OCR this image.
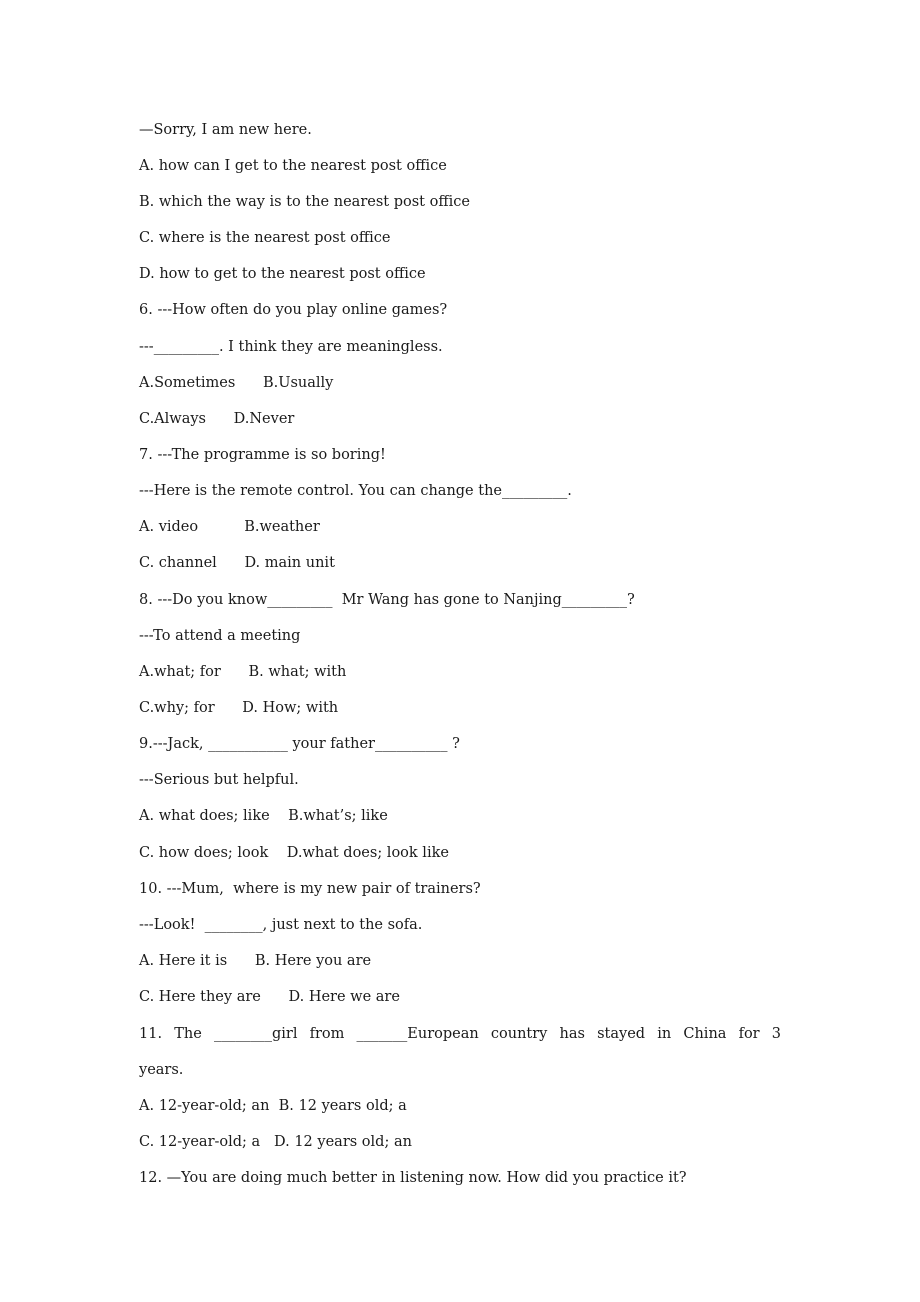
—Sorry, I am new here.
A. how can I get to the nearest post office
B. which the way is to the nearest post office
C. where is the nearest post office
D. how to get to the nearest post office
6. ---How often do you play online games?
---_________. I think they are meaningless.
A.Sometimes      B.Usually
C.Always      D.Never
7. ---The programme is so boring!
---Here is the remote control. You can change the_________.
A. video          B.weather
C. channel      D. main unit
8. ---Do you know_________  Mr Wang has gone to Nanjing_________?
---To attend a meeting
A.what; for      B. what; with
C.why; for      D. How; with
9.---Jack, ___________ your father__________ ?
---Serious but helpful.
A. what does; like    B.what’s; like
C. how does; look    D.what does; look like
10. ---Mum,  where is my new pair of trainers?
---Look!  ________, just next to the sofa.
A. Here it is      B. Here you are
C. Here they are      D. Here we are
11. The ________girl from _______European country has stayed in China for 3
years.
A. 12-year-old; an  B. 12 years old; a
C. 12-year-old; a   D. 12 years old; an
12. —You are doing much better in listening now. How did you practice it?
